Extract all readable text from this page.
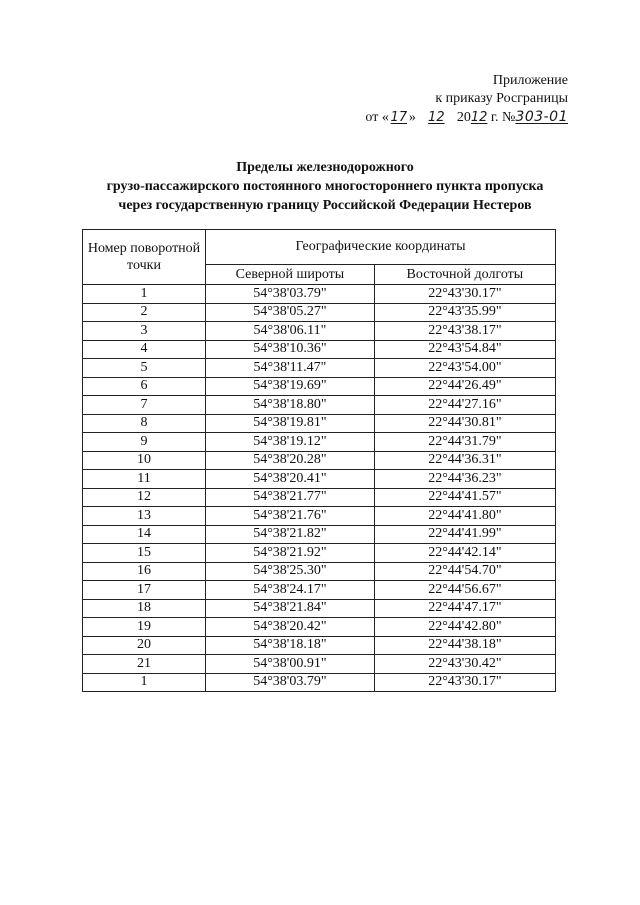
Приложение
к приказу Росграницы
от « 17 » 12 2012 г. №303-01
Пределы железнодорожного
грузо-пассажирского постоянного многостороннего пункта пропуска
через государственную границу Российской Федерации Нестеров
Номер поворотной точки	Географические координаты	
	Северной широты	Восточной долготы
1	54°38'03.79"	22°43'30.17"
2	54°38'05.27"	22°43'35.99"
3	54°38'06.11"	22°43'38.17"
4	54°38'10.36"	22°43'54.84"
5	54°38'11.47"	22°43'54.00"
6	54°38'19.69"	22°44'26.49"
7	54°38'18.80"	22°44'27.16"
8	54°38'19.81"	22°44'30.81"
9	54°38'19.12"	22°44'31.79"
10	54°38'20.28"	22°44'36.31"
11	54°38'20.41"	22°44'36.23"
12	54°38'21.77"	22°44'41.57"
13	54°38'21.76"	22°44'41.80"
14	54°38'21.82"	22°44'41.99"
15	54°38'21.92"	22°44'42.14"
16	54°38'25.30"	22°44'54.70"
17	54°38'24.17"	22°44'56.67"
18	54°38'21.84"	22°44'47.17"
19	54°38'20.42"	22°44'42.80"
20	54°38'18.18"	22°44'38.18"
21	54°38'00.91"	22°43'30.42"
1	54°38'03.79"	22°43'30.17"
